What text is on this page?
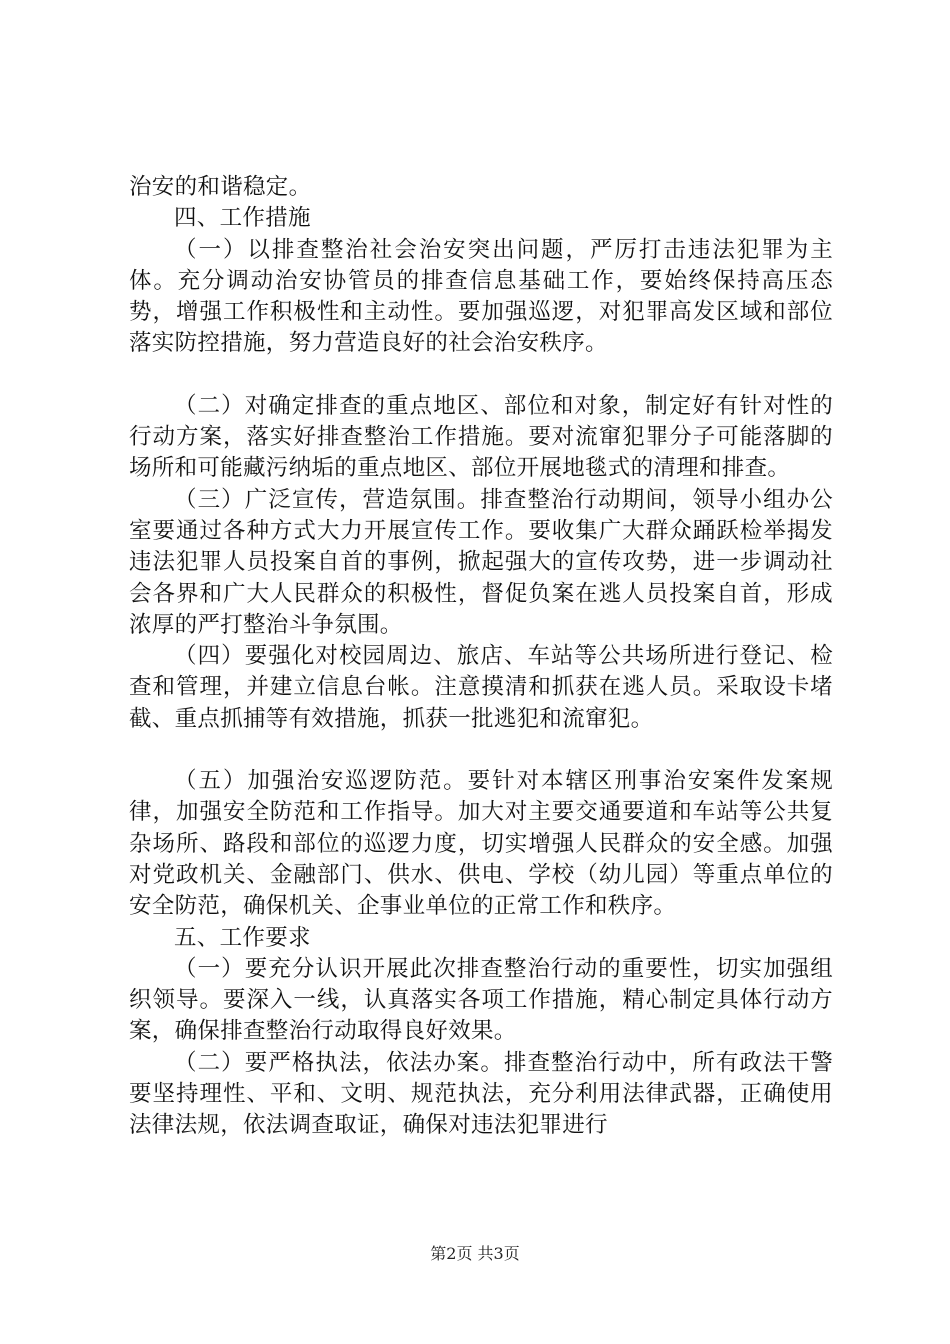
治安的和谐稳定。

四、工作措施

（一）以排查整治社会治安突出问题，严厉打击违法犯罪为主体。充分调动治安协管员的排查信息基础工作，要始终保持高压态势，增强工作积极性和主动性。要加强巡逻，对犯罪高发区域和部位落实防控措施，努力营造良好的社会治安秩序。

（二）对确定排查的重点地区、部位和对象，制定好有针对性的行动方案，落实好排查整治工作措施。要对流窜犯罪分子可能落脚的场所和可能藏污纳垢的重点地区、部位开展地毯式的清理和排查。

（三）广泛宣传，营造氛围。排查整治行动期间，领导小组办公室要通过各种方式大力开展宣传工作。要收集广大群众踊跃检举揭发违法犯罪人员投案自首的事例，掀起强大的宣传攻势，进一步调动社会各界和广大人民群众的积极性，督促负案在逃人员投案自首，形成浓厚的严打整治斗争氛围。

（四）要强化对校园周边、旅店、车站等公共场所进行登记、检查和管理，并建立信息台帐。注意摸清和抓获在逃人员。采取设卡堵截、重点抓捕等有效措施，抓获一批逃犯和流窜犯。

（五）加强治安巡逻防范。要针对本辖区刑事治安案件发案规律，加强安全防范和工作指导。加大对主要交通要道和车站等公共复杂场所、路段和部位的巡逻力度，切实增强人民群众的安全感。加强对党政机关、金融部门、供水、供电、学校（幼儿园）等重点单位的安全防范，确保机关、企事业单位的正常工作和秩序。

五、工作要求

（一）要充分认识开展此次排查整治行动的重要性，切实加强组织领导。要深入一线，认真落实各项工作措施，精心制定具体行动方案，确保排查整治行动取得良好效果。

（二）要严格执法，依法办案。排查整治行动中，所有政法干警要坚持理性、平和、文明、规范执法，充分利用法律武器，正确使用法律法规，依法调查取证，确保对违法犯罪进行

第2页 共3页
